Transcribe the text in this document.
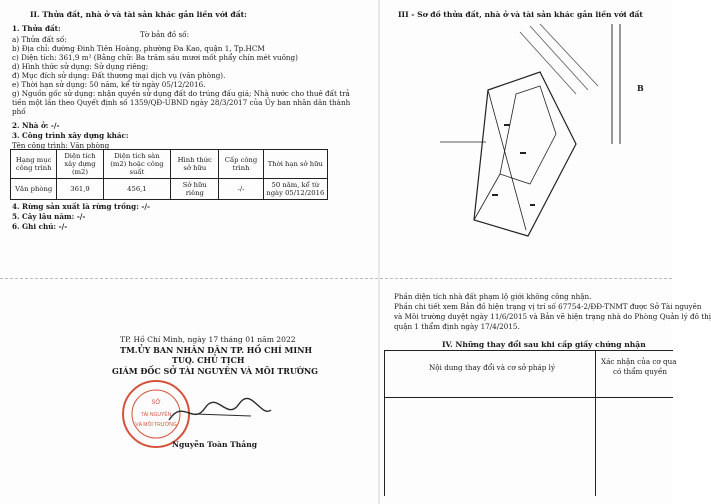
II. Thửa đất, nhà ở và tài sản khác gắn liền với đất:
1. Thửa đất:
Tờ bản đồ số:
a) Thửa đất số:
b) Địa chỉ: đường Đinh Tiên Hoàng, phường Đa Kao, quận 1, Tp.HCM
c) Diện tích: 361,9 m² (Bằng chữ: Ba trăm sáu mươi mốt phẩy chín mét vuông)
d) Hình thức sử dụng: Sử dụng riêng;
đ) Mục đích sử dụng: Đất thương mại dịch vụ (văn phòng).
e) Thời hạn sử dụng: 50 năm, kể từ ngày 05/12/2016.
g) Nguồn gốc sử dụng: nhận quyền sử dụng đất do trúng đấu giá; Nhà nước cho thuê đất trả
tiền một lần theo Quyết định số 1359/QĐ-UBND ngày 28/3/2017 của Ủy ban nhân dân thành
phố
2. Nhà ở: -/-
3. Công trình xây dựng khác:
Tên công trình: Văn phòng
Hạng mục công trình	Diện tích xây dựng (m2)	Diện tích sàn (m2) hoặc công suất	Hình thức sở hữu	Cấp công trình	Thời hạn sở hữu
Văn phòng	361,9	456,1	Sở hữu riêng	-/-	50 năm, kể từ ngày 05/12/2016
4. Rừng sản xuất là rừng trồng: -/-
5. Cây lâu năm: -/-
6. Ghi chú: -/-
TP. Hồ Chí Minh, ngày 17 tháng 01 năm 2022
TM.ỦY BAN NHÂN DÂN TP. HỒ CHÍ MINH
TUQ. CHỦ TỊCH
GIÁM ĐỐC SỞ TÀI NGUYÊN VÀ MÔI TRƯỜNG
SỞ
TÀI NGUYÊN
VÀ MÔI TRƯỜNG
Nguyễn Toàn Thắng
III - Sơ đồ thửa đất, nhà ở và tài sản khác gắn liền với đất
B
Phần diện tích nhà đất phạm lộ giới không công nhận.
Phần chi tiết xem Bản đồ hiện trạng vị trí số 67754-2/ĐĐ-TNMT được Sở Tài nguyên
và Môi trường duyệt ngày 11/6/2015 và Bản vẽ hiện trạng nhà do Phòng Quản lý đô thị
quận 1 thẩm định ngày 17/4/2015.
IV. Những thay đổi sau khi cấp giấy chứng nhận
Nội dung thay đổi và cơ sở pháp lý
Xác nhận của cơ qua
có thẩm quyền
